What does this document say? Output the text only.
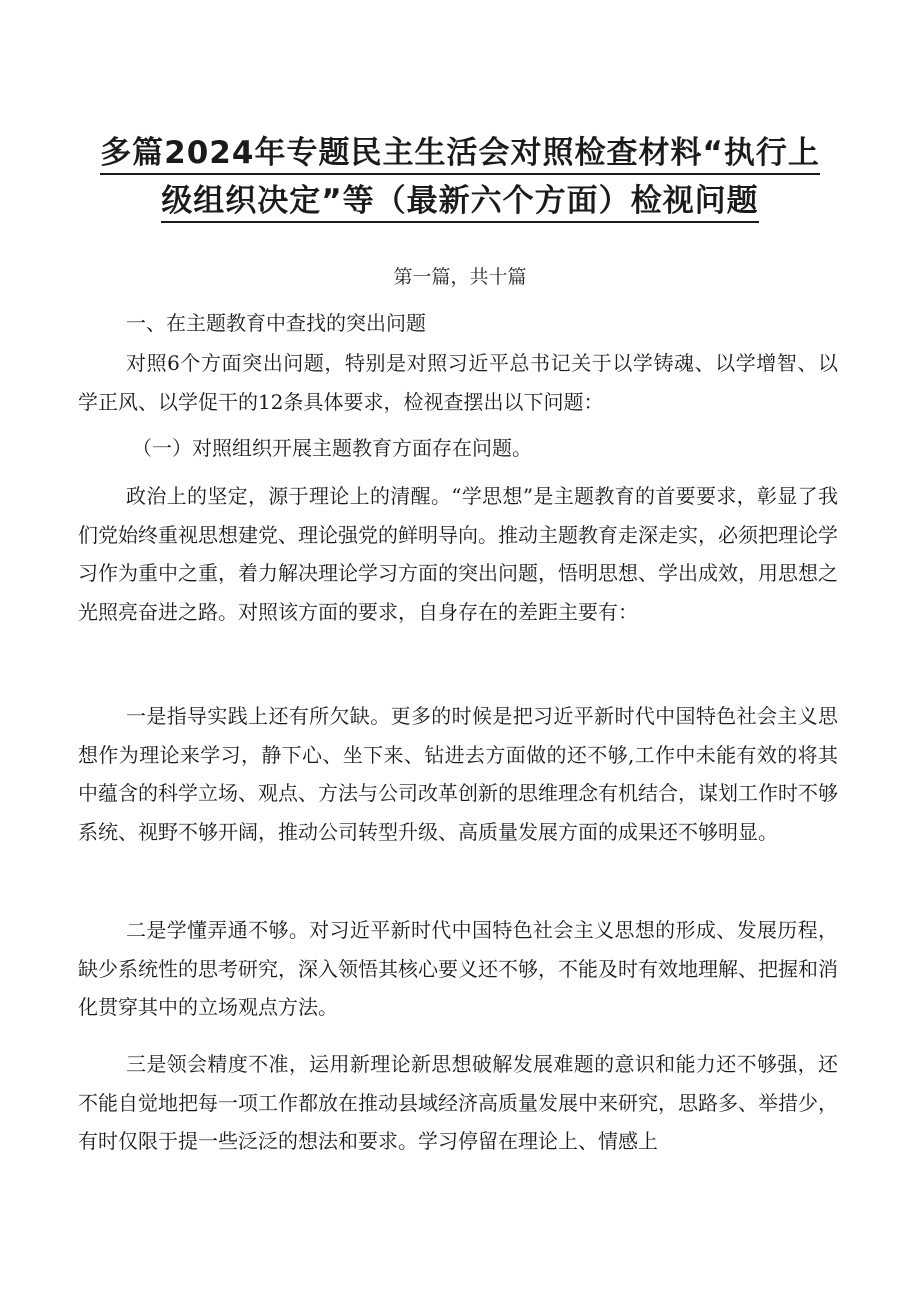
多篇2024年专题民主生活会对照检查材料“执行上级组织决定”等（最新六个方面）检视问题
第一篇，共十篇

一、在主题教育中查找的突出问题

对照6个方面突出问题，特别是对照习近平总书记关于以学铸魂、以学增智、以学正风、以学促干的12条具体要求，检视查摆出以下问题：

（一）对照组织开展主题教育方面存在问题。

政治上的坚定，源于理论上的清醒。“学思想”是主题教育的首要要求，彰显了我们党始终重视思想建党、理论强党的鲜明导向。推动主题教育走深走实，必须把理论学习作为重中之重，着力解决理论学习方面的突出问题，悟明思想、学出成效，用思想之光照亮奋进之路。对照该方面的要求，自身存在的差距主要有：

一是指导实践上还有所欠缺。更多的时候是把习近平新时代中国特色社会主义思想作为理论来学习，静下心、坐下来、钻进去方面做的还不够,工作中未能有效的将其中蕴含的科学立场、观点、方法与公司改革创新的思维理念有机结合，谋划工作时不够系统、视野不够开阔，推动公司转型升级、高质量发展方面的成果还不够明显。

二是学懂弄通不够。对习近平新时代中国特色社会主义思想的形成、发展历程，缺少系统性的思考研究，深入领悟其核心要义还不够，不能及时有效地理解、把握和消化贯穿其中的立场观点方法。

三是领会精度不准，运用新理论新思想破解发展难题的意识和能力还不够强，还不能自觉地把每一项工作都放在推动县域经济高质量发展中来研究，思路多、举措少，有时仅限于提一些泛泛的想法和要求。学习停留在理论上、情感上
